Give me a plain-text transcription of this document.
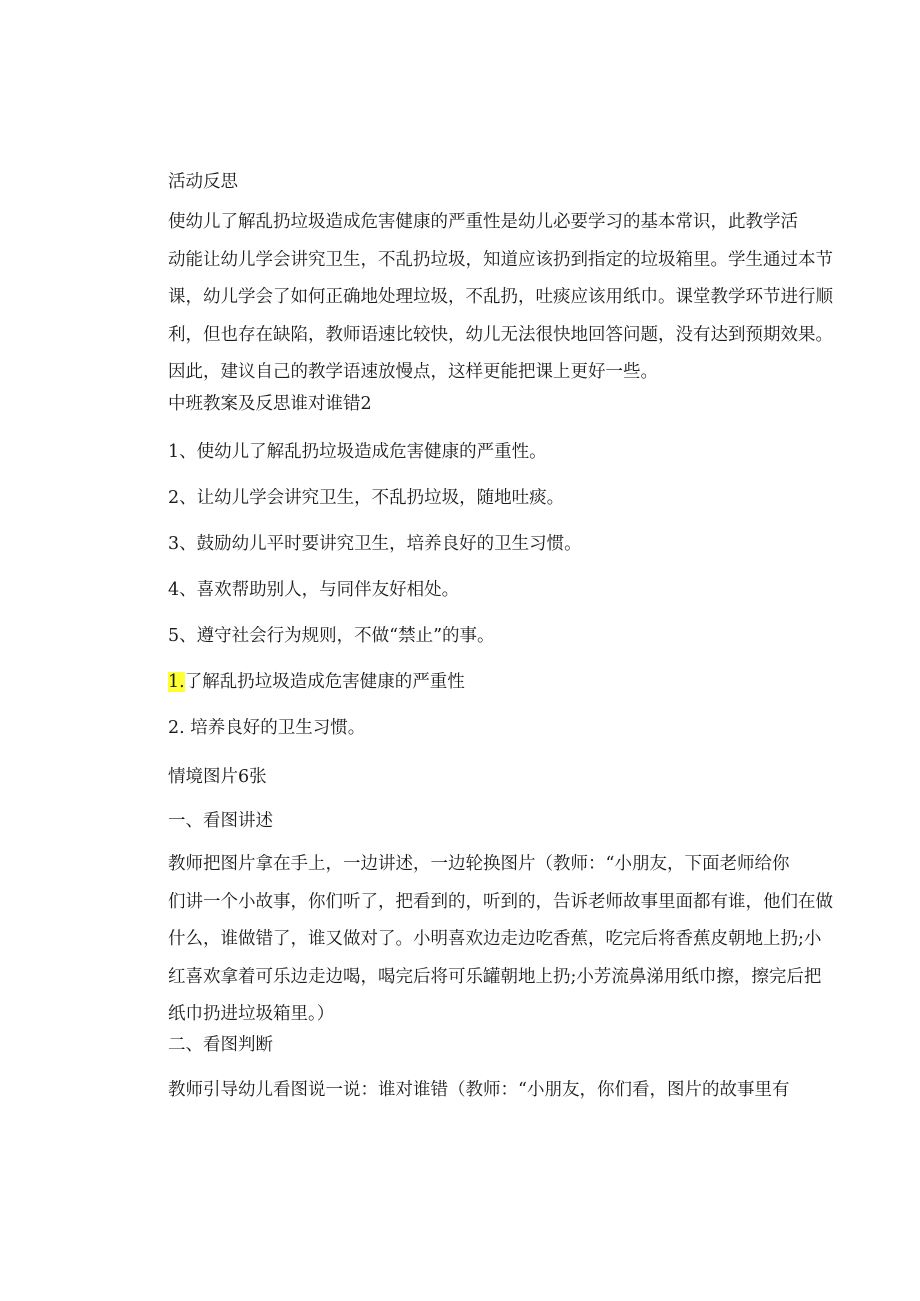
活动反思
使幼儿了解乱扔垃圾造成危害健康的严重性是幼儿必要学习的基本常识，此教学活
动能让幼儿学会讲究卫生，不乱扔垃圾，知道应该扔到指定的垃圾箱里。学生通过本节
课，幼儿学会了如何正确地处理垃圾，不乱扔，吐痰应该用纸巾。课堂教学环节进行顺
利，但也存在缺陷，教师语速比较快，幼儿无法很快地回答问题，没有达到预期效果。
因此，建议自己的教学语速放慢点，这样更能把课上更好一些。
中班教案及反思谁对谁错2
1、使幼儿了解乱扔垃圾造成危害健康的严重性。
2、让幼儿学会讲究卫生，不乱扔垃圾，随地吐痰。
3、鼓励幼儿平时要讲究卫生，培养良好的卫生习惯。
4、喜欢帮助别人，与同伴友好相处。
5、遵守社会行为规则，不做“禁止”的事。
1.了解乱扔垃圾造成危害健康的严重性
2. 培养良好的卫生习惯。
情境图片6张
一、看图讲述
教师把图片拿在手上，一边讲述，一边轮换图片（教师：“小朋友，下面老师给你
们讲一个小故事，你们听了，把看到的，听到的，告诉老师故事里面都有谁，他们在做
什么，谁做错了，谁又做对了。小明喜欢边走边吃香蕉，吃完后将香蕉皮朝地上扔;小
红喜欢拿着可乐边走边喝，喝完后将可乐罐朝地上扔;小芳流鼻涕用纸巾擦，擦完后把
纸巾扔进垃圾箱里。）
二、看图判断
教师引导幼儿看图说一说：谁对谁错（教师：“小朋友，你们看，图片的故事里有
